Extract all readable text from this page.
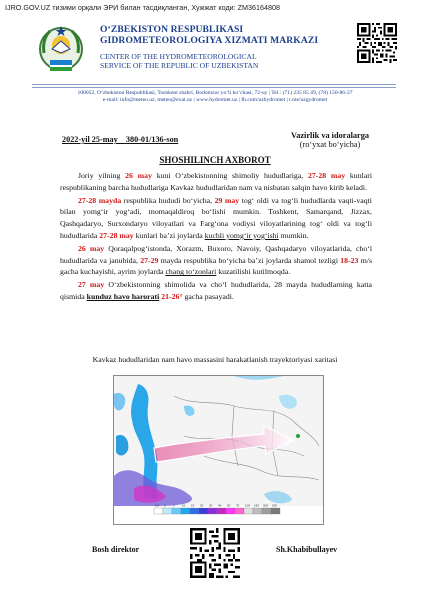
IJRO.GOV.UZ тизими орқали ЭРИ билан тасдиқланган, Хужжат коди: ZM36164808
O‘ZBEKISTON RESPUBLIKASI
GIDROMETEOROLOGIYA XIZMATI MARKAZI
CENTER OF THE HYDROMETEOROLOGICAL
SERVICE OF THE REPUBLIC OF UZBEKISTAN
100052, O‘zbekiston Respublikasi, Toshkent shahri, Bodomzor yo‘li ko‘chasi, 72-uy | Tel.: (71) 235 85 49, (78) 150-86-27
e-mail: info@meteo.uz, meteo@exat.uz | www.hydromet.uz | fb.com/uzhydromet | t.me/uzgydromet
2022-yil 25-may    380-01/136-son	Vazirlik va idoralarga
(ro‘yxat bo‘yicha)
SHOSHILINCH AXBOROT

Joriy yilning 26 may kuni O‘zbekistonning shimoliy hududlariga, 27-28 may kunlari respublikaning barcha hududlariga Kavkaz hududlaridan nam va nisbatan salqin havo kirib keladi.

27-28 mayda respublika hududi bo‘yicha, 29 may tog‘ oldi va tog‘li hududlarda vaqti-vaqti bilan yomg‘ir yog‘adi, momaqaldiroq bo‘lishi mumkin. Toshkent, Samarqand, Jizzax, Qashqadaryo, Surxondaryo viloyatlari va Farg‘ona vodiysi viloyatlarining tog‘ oldi va tog‘li hududlarida 27-28 may kunlari ba’zi joylarda kuchli yomg‘ir yog‘ishi mumkin.

26 may Qoraqalpog‘istonda, Xorazm, Buxoro, Navoiy, Qashqadaryo viloyatlarida, cho‘l hududlarida va janubida, 27-29 mayda respublika bo‘yicha ba’zi joylarda shamol tezligi 18-23 m/s gacha kuchayishi, ayrim joylarda chang to‘zonlari kuzatilishi kutilmoqda.

27 may O‘zbekistonning shimolida va cho‘l hududlarida, 28 mayda hududlarning katta qismida kunduz havo harorati 21-26° gacha pasayadi.

Kavkaz hududlaridan nam havo massasini harakatlanish trayektoriyasi xaritasi
0.5 3 5 10 15 20 30 40 50 75 100 150 200 300
Bosh direktor	Sh.Khabibullayev
